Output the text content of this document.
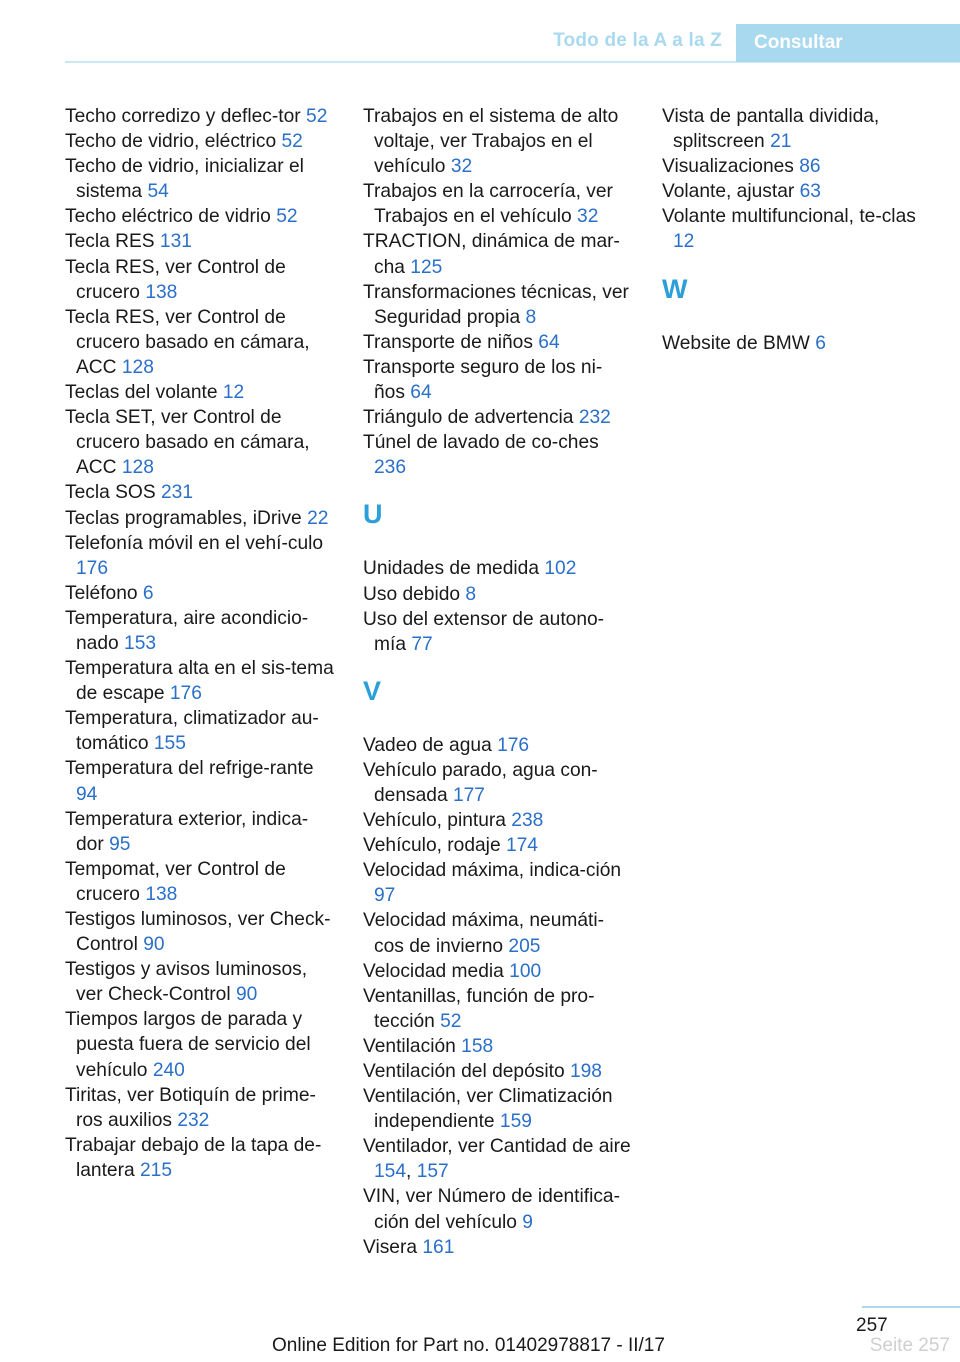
Todo de la A a la Z	Consultar
Techo corredizo y deflec‐tor 52
Techo de vidrio, eléctrico 52
Techo de vidrio, inicializar el sistema 54
Techo eléctrico de vidrio 52
Tecla RES 131
Tecla RES, ver Control de crucero 138
Tecla RES, ver Control de crucero basado en cámara, ACC 128
Teclas del volante 12
Tecla SET, ver Control de crucero basado en cámara, ACC 128
Tecla SOS 231
Teclas programables, iDrive 22
Telefonía móvil en el vehí‐culo 176
Teléfono 6
Temperatura, aire acondicio‐nado 153
Temperatura alta en el sis‐tema de escape 176
Temperatura, climatizador au‐tomático 155
Temperatura del refrige‐rante 94
Temperatura exterior, indica‐dor 95
Tempomat, ver Control de crucero 138
Testigos luminosos, ver Check-Control 90
Testigos y avisos luminosos, ver Check-Control 90
Tiempos largos de parada y puesta fuera de servicio del vehículo 240
Tiritas, ver Botiquín de prime‐ros auxilios 232
Trabajar debajo de la tapa de‐lantera 215
Trabajos en el sistema de alto voltaje, ver Trabajos en el vehículo 32
Trabajos en la carrocería, ver Trabajos en el vehículo 32
TRACTION, dinámica de mar‐cha 125
Transformaciones técnicas, ver Seguridad propia 8
Transporte de niños 64
Transporte seguro de los ni‐ños 64
Triángulo de advertencia 232
Túnel de lavado de co‐ches 236
U
Unidades de medida 102
Uso debido 8
Uso del extensor de autono‐mía 77
V
Vadeo de agua 176
Vehículo parado, agua con‐densada 177
Vehículo, pintura 238
Vehículo, rodaje 174
Velocidad máxima, indica‐ción 97
Velocidad máxima, neumáti‐cos de invierno 205
Velocidad media 100
Ventanillas, función de pro‐tección 52
Ventilación 158
Ventilación del depósito 198
Ventilación, ver Climatización independiente 159
Ventilador, ver Cantidad de aire 154, 157
VIN, ver Número de identifica‐ción del vehículo 9
Visera 161
Vista de pantalla dividida, splitscreen 21
Visualizaciones 86
Volante, ajustar 63
Volante multifuncional, te‐clas 12
W
Website de BMW 6
257
Online Edition for Part no. 01402978817 - II/17	Seite 257
